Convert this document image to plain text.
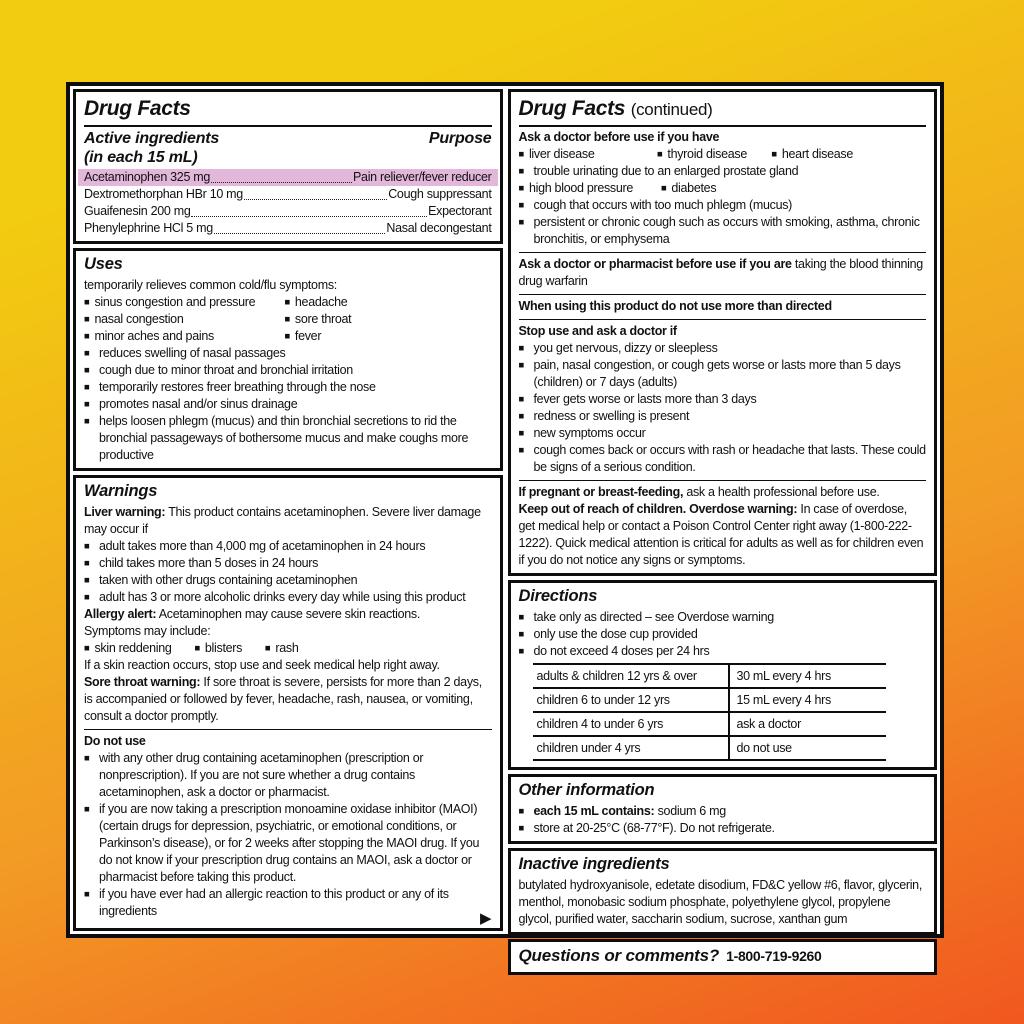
Drug Facts
Active ingredients
(in each 15 mL)
Purpose
Acetaminophen 325 mg	Pain reliever/fever reducer
Dextromethorphan HBr 10 mg	Cough suppressant
Guaifenesin 200 mg	Expectorant
Phenylephrine HCl 5 mg	Nasal decongestant
Uses
temporarily relieves common cold/flu symptoms:
■ sinus congestion and pressure	■ headache
■ nasal congestion	■ sore throat
■ minor aches and pains	■ fever
■ reduces swelling of nasal passages
■ cough due to minor throat and bronchial irritation
■ temporarily restores freer breathing through the nose
■ promotes nasal and/or sinus drainage
■ helps loosen phlegm (mucus) and thin bronchial secretions to rid the bronchial passageways of bothersome mucus and make coughs more productive
Warnings

Liver warning: This product contains acetaminophen. Severe liver damage may occur if

■ adult takes more than 4,000 mg of acetaminophen in 24 hours
■ child takes more than 5 doses in 24 hours
■ taken with other drugs containing acetaminophen
■ adult has 3 or more alcoholic drinks every day while using this product

Allergy alert: Acetaminophen may cause severe skin reactions.

Symptoms may include:
■ skin reddening	■ blisters	■ rash
If a skin reaction occurs, stop use and seek medical help right away.

Sore throat warning: If sore throat is severe, persists for more than 2 days, is accompanied or followed by fever, headache, rash, nausea, or vomiting, consult a doctor promptly.

Do not use
■ with any other drug containing acetaminophen (prescription or nonprescription). If you are not sure whether a drug contains acetaminophen, ask a doctor or pharmacist.
■ if you are now taking a prescription monoamine oxidase inhibitor (MAOI) (certain drugs for depression, psychiatric, or emotional conditions, or Parkinson’s disease), or for 2 weeks after stopping the MAOI drug. If you do not know if your prescription drug contains an MAOI, ask a doctor or pharmacist before taking this product.
■ if you have ever had an allergic reaction to this product or any of its ingredients	▶
Drug Facts (continued)
Ask a doctor before use if you have
■ liver disease	■ thyroid disease	■ heart disease
■ trouble urinating due to an enlarged prostate gland
■ high blood pressure	■ diabetes
■ cough that occurs with too much phlegm (mucus)
■ persistent or chronic cough such as occurs with smoking, asthma, chronic bronchitis, or emphysema

Ask a doctor or pharmacist before use if you are taking the blood thinning drug warfarin

When using this product do not use more than directed
Stop use and ask a doctor if
■ you get nervous, dizzy or sleepless
■ pain, nasal congestion, or cough gets worse or lasts more than 5 days (children) or 7 days (adults)
■ fever gets worse or lasts more than 3 days
■ redness or swelling is present
■ new symptoms occur
■ cough comes back or occurs with rash or headache that lasts. These could be signs of a serious condition.

If pregnant or breast-feeding, ask a health professional before use.

Keep out of reach of children. Overdose warning: In case of overdose, get medical help or contact a Poison Control Center right away (1-800-222-1222). Quick medical attention is critical for adults as well as for children even if you do not notice any signs or symptoms.

Directions
■ take only as directed – see Overdose warning
■ only use the dose cup provided
■ do not exceed 4 doses per 24 hrs
adults & children 12 yrs & over	30 mL every 4 hrs
children 6 to under 12 yrs	15 mL every 4 hrs
children 4 to under 6 yrs	ask a doctor
children under 4 yrs	do not use
Other information
■ each 15 mL contains: sodium 6 mg
■ store at 20-25°C (68-77°F). Do not refrigerate.
Inactive ingredients
butylated hydroxyanisole, edetate disodium, FD&C yellow #6, flavor, glycerin, menthol, monobasic sodium phosphate, polyethylene glycol, propylene glycol, purified water, saccharin sodium, sucrose, xanthan gum
Questions or comments? 1-800-719-9260
